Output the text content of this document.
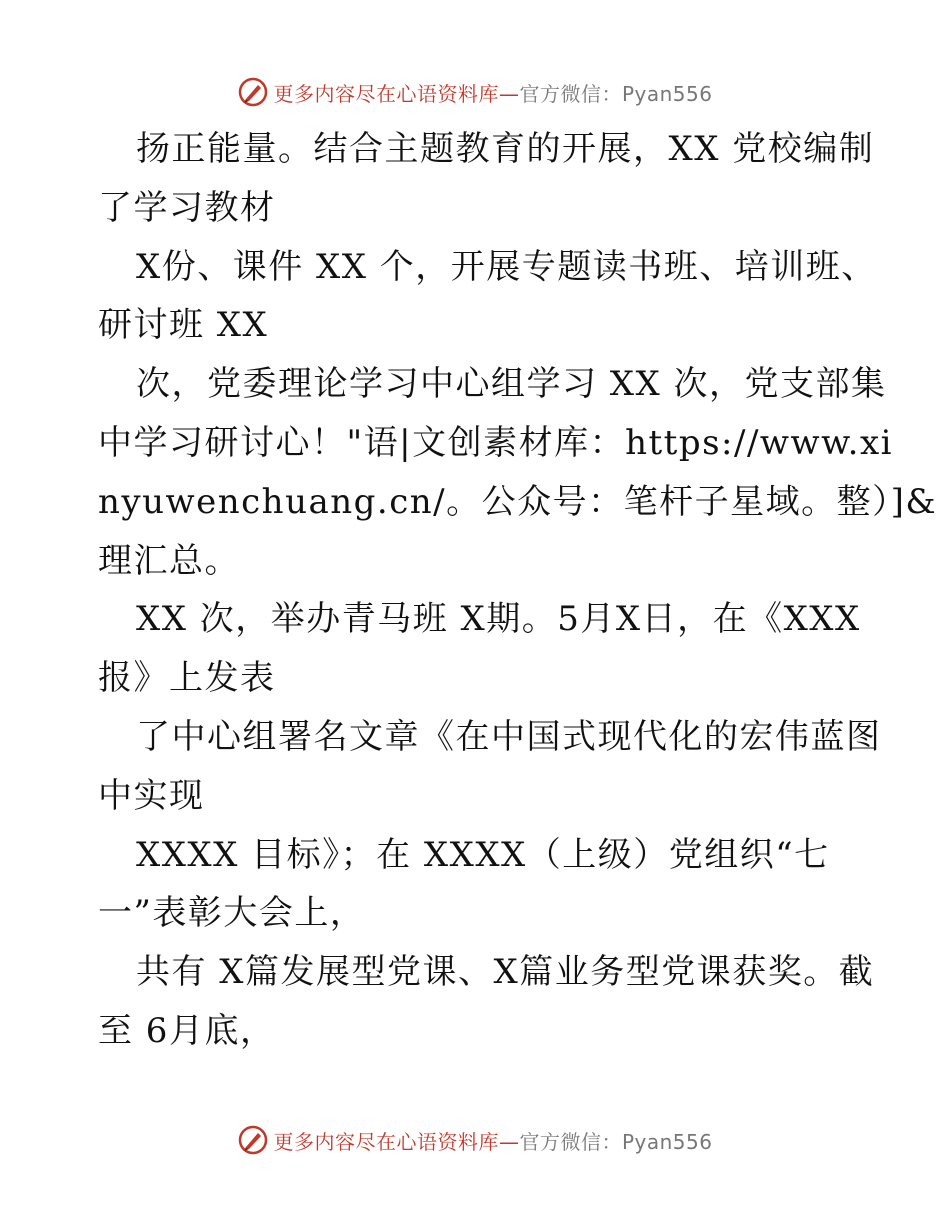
更多内容尽在心语资料库—官方微信：Pyan556
扬正能量。结合主题教育的开展，XX 党校编制
了学习教材
X份、课件 XX 个，开展专题读书班、培训班、
研讨班 XX
次，党委理论学习中心组学习 XX 次，党支部集
中学习研讨心！"语|文创素材库：https://www.xi
nyuwenchuang.cn/。公众号：笔杆子星域。整）]&
理汇总。
XX 次，举办青马班 X期。5月X日，在《XXX
报》上发表
了中心组署名文章《在中国式现代化的宏伟蓝图
中实现
XXXX 目标》；在 XXXX（上级）党组织“七
一”表彰大会上，
共有 X篇发展型党课、X篇业务型党课获奖。截
至 6月底，
更多内容尽在心语资料库—官方微信：Pyan556
